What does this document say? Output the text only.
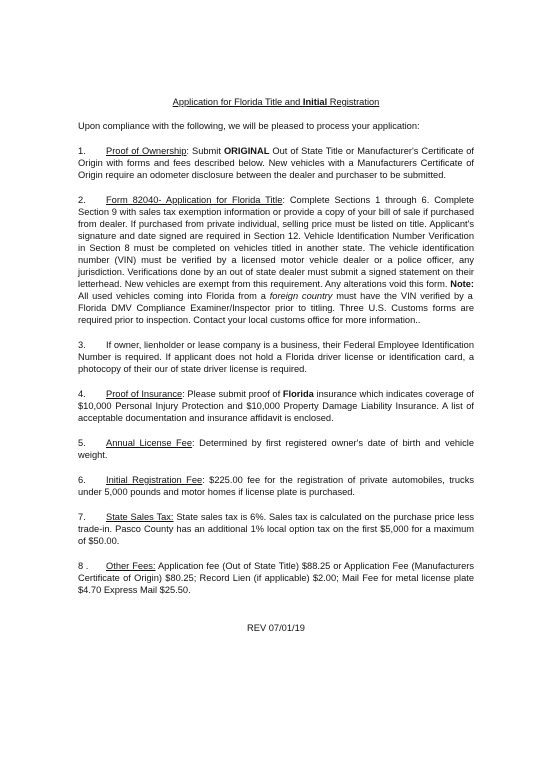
Application for Florida Title and Initial Registration

Upon compliance with the following, we will be pleased to process your application:

1. Proof of Ownership: Submit ORIGINAL Out of State Title or Manufacturer's Certificate of Origin with forms and fees described below. New vehicles with a Manufacturers Certificate of Origin require an odometer disclosure between the dealer and purchaser to be submitted.

2. Form 82040- Application for Florida Title: Complete Sections 1 through 6. Complete Section 9 with sales tax exemption information or provide a copy of your bill of sale if purchased from dealer. If purchased from private individual, selling price must be listed on title. Applicant's signature and date signed are required in Section 12. Vehicle Identification Number Verification in Section 8 must be completed on vehicles titled in another state. The vehicle identification number (VIN) must be verified by a licensed motor vehicle dealer or a police officer, any jurisdiction. Verifications done by an out of state dealer must submit a signed statement on their letterhead. New vehicles are exempt from this requirement. Any alterations void this form. Note: All used vehicles coming into Florida from a foreign country must have the VIN verified by a Florida DMV Compliance Examiner/Inspector prior to titling. Three U.S. Customs forms are required prior to inspection. Contact your local customs office for more information..

3. If owner, lienholder or lease company is a business, their Federal Employee Identification Number is required. If applicant does not hold a Florida driver license or identification card, a photocopy of their our of state driver license is required.

4. Proof of Insurance: Please submit proof of Florida insurance which indicates coverage of $10,000 Personal Injury Protection and $10,000 Property Damage Liability Insurance. A list of acceptable documentation and insurance affidavit is enclosed.

5. Annual License Fee: Determined by first registered owner's date of birth and vehicle weight.

6. Initial Registration Fee: $225.00 fee for the registration of private automobiles, trucks under 5,000 pounds and motor homes if license plate is purchased.

7. State Sales Tax: State sales tax is 6%. Sales tax is calculated on the purchase price less trade-in. Pasco County has an additional 1% local option tax on the first $5,000 for a maximum of $50.00.

8 . Other Fees: Application fee (Out of State Title) $88.25 or Application Fee (Manufacturers Certificate of Origin) $80.25; Record Lien (if applicable) $2.00; Mail Fee for metal license plate $4.70 Express Mail $25.50.

REV 07/01/19
